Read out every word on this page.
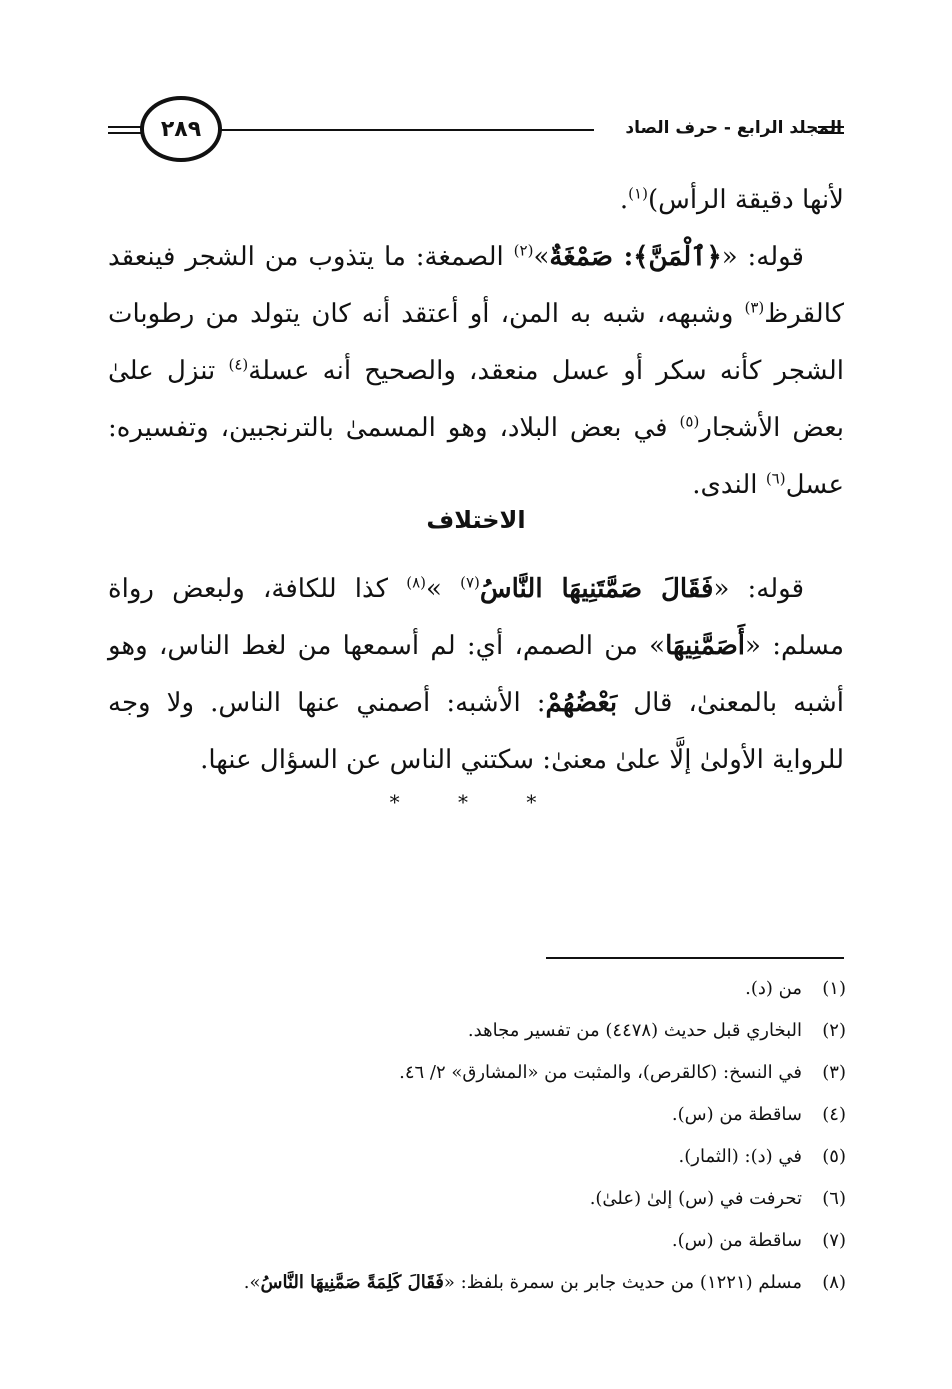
المجلد الرابع - حرف الصاد
٢٨٩

لأنها دقيقة الرأس)$^{(١)}$.

قوله: «﴿ٱلْمَنَّ﴾: صَمْغَةٌ»$^{(٢)}$ الصمغة: ما يتذوب من الشجر فينعقد كالقرظ$^{(٣)}$ وشبهه، شبه به المن، أو أعتقد أنه كان يتولد من رطوبات الشجر كأنه سكر أو عسل منعقد، والصحيح أنه عسلة$^{(٤)}$ تنزل علىٰ بعض الأشجار$^{(٥)}$ في بعض البلاد، وهو المسمىٰ بالترنجبين، وتفسيره: عسل$^{(٦)}$ الندى.

الاختلاف

قوله: «فَقَالَ صَمَّتَنِيهَا النَّاسُ$^{(٧)}$ »$^{(٨)}$ كذا للكافة، ولبعض رواة مسلم: «أَصَمَّنِيهَا» من الصمم، أي: لم أسمعها من لغط الناس، وهو أشبه بالمعنىٰ، قال بَعْضُهُمْ: الأشبه: أصمني عنها الناس. ولا وجه للرواية الأولىٰ إلَّا علىٰ معنىٰ: سكتني الناس عن السؤال عنها.

* * *
(١)من (د).
(٢)البخاري قبل حديث (٤٤٧٨) من تفسير مجاهد.
(٣)في النسخ: (كالقرص)، والمثبت من «المشارق» ٢/ ٤٦.
(٤)ساقطة من (س).
(٥)في (د): (الثمار).
(٦)تحرفت في (س) إلىٰ (علىٰ).
(٧)ساقطة من (س).
(٨)مسلم (١٢٢١) من حديث جابر بن سمرة بلفظ: «فَقَالَ كَلِمَةً صَمَّنِيهَا النَّاسُ».
